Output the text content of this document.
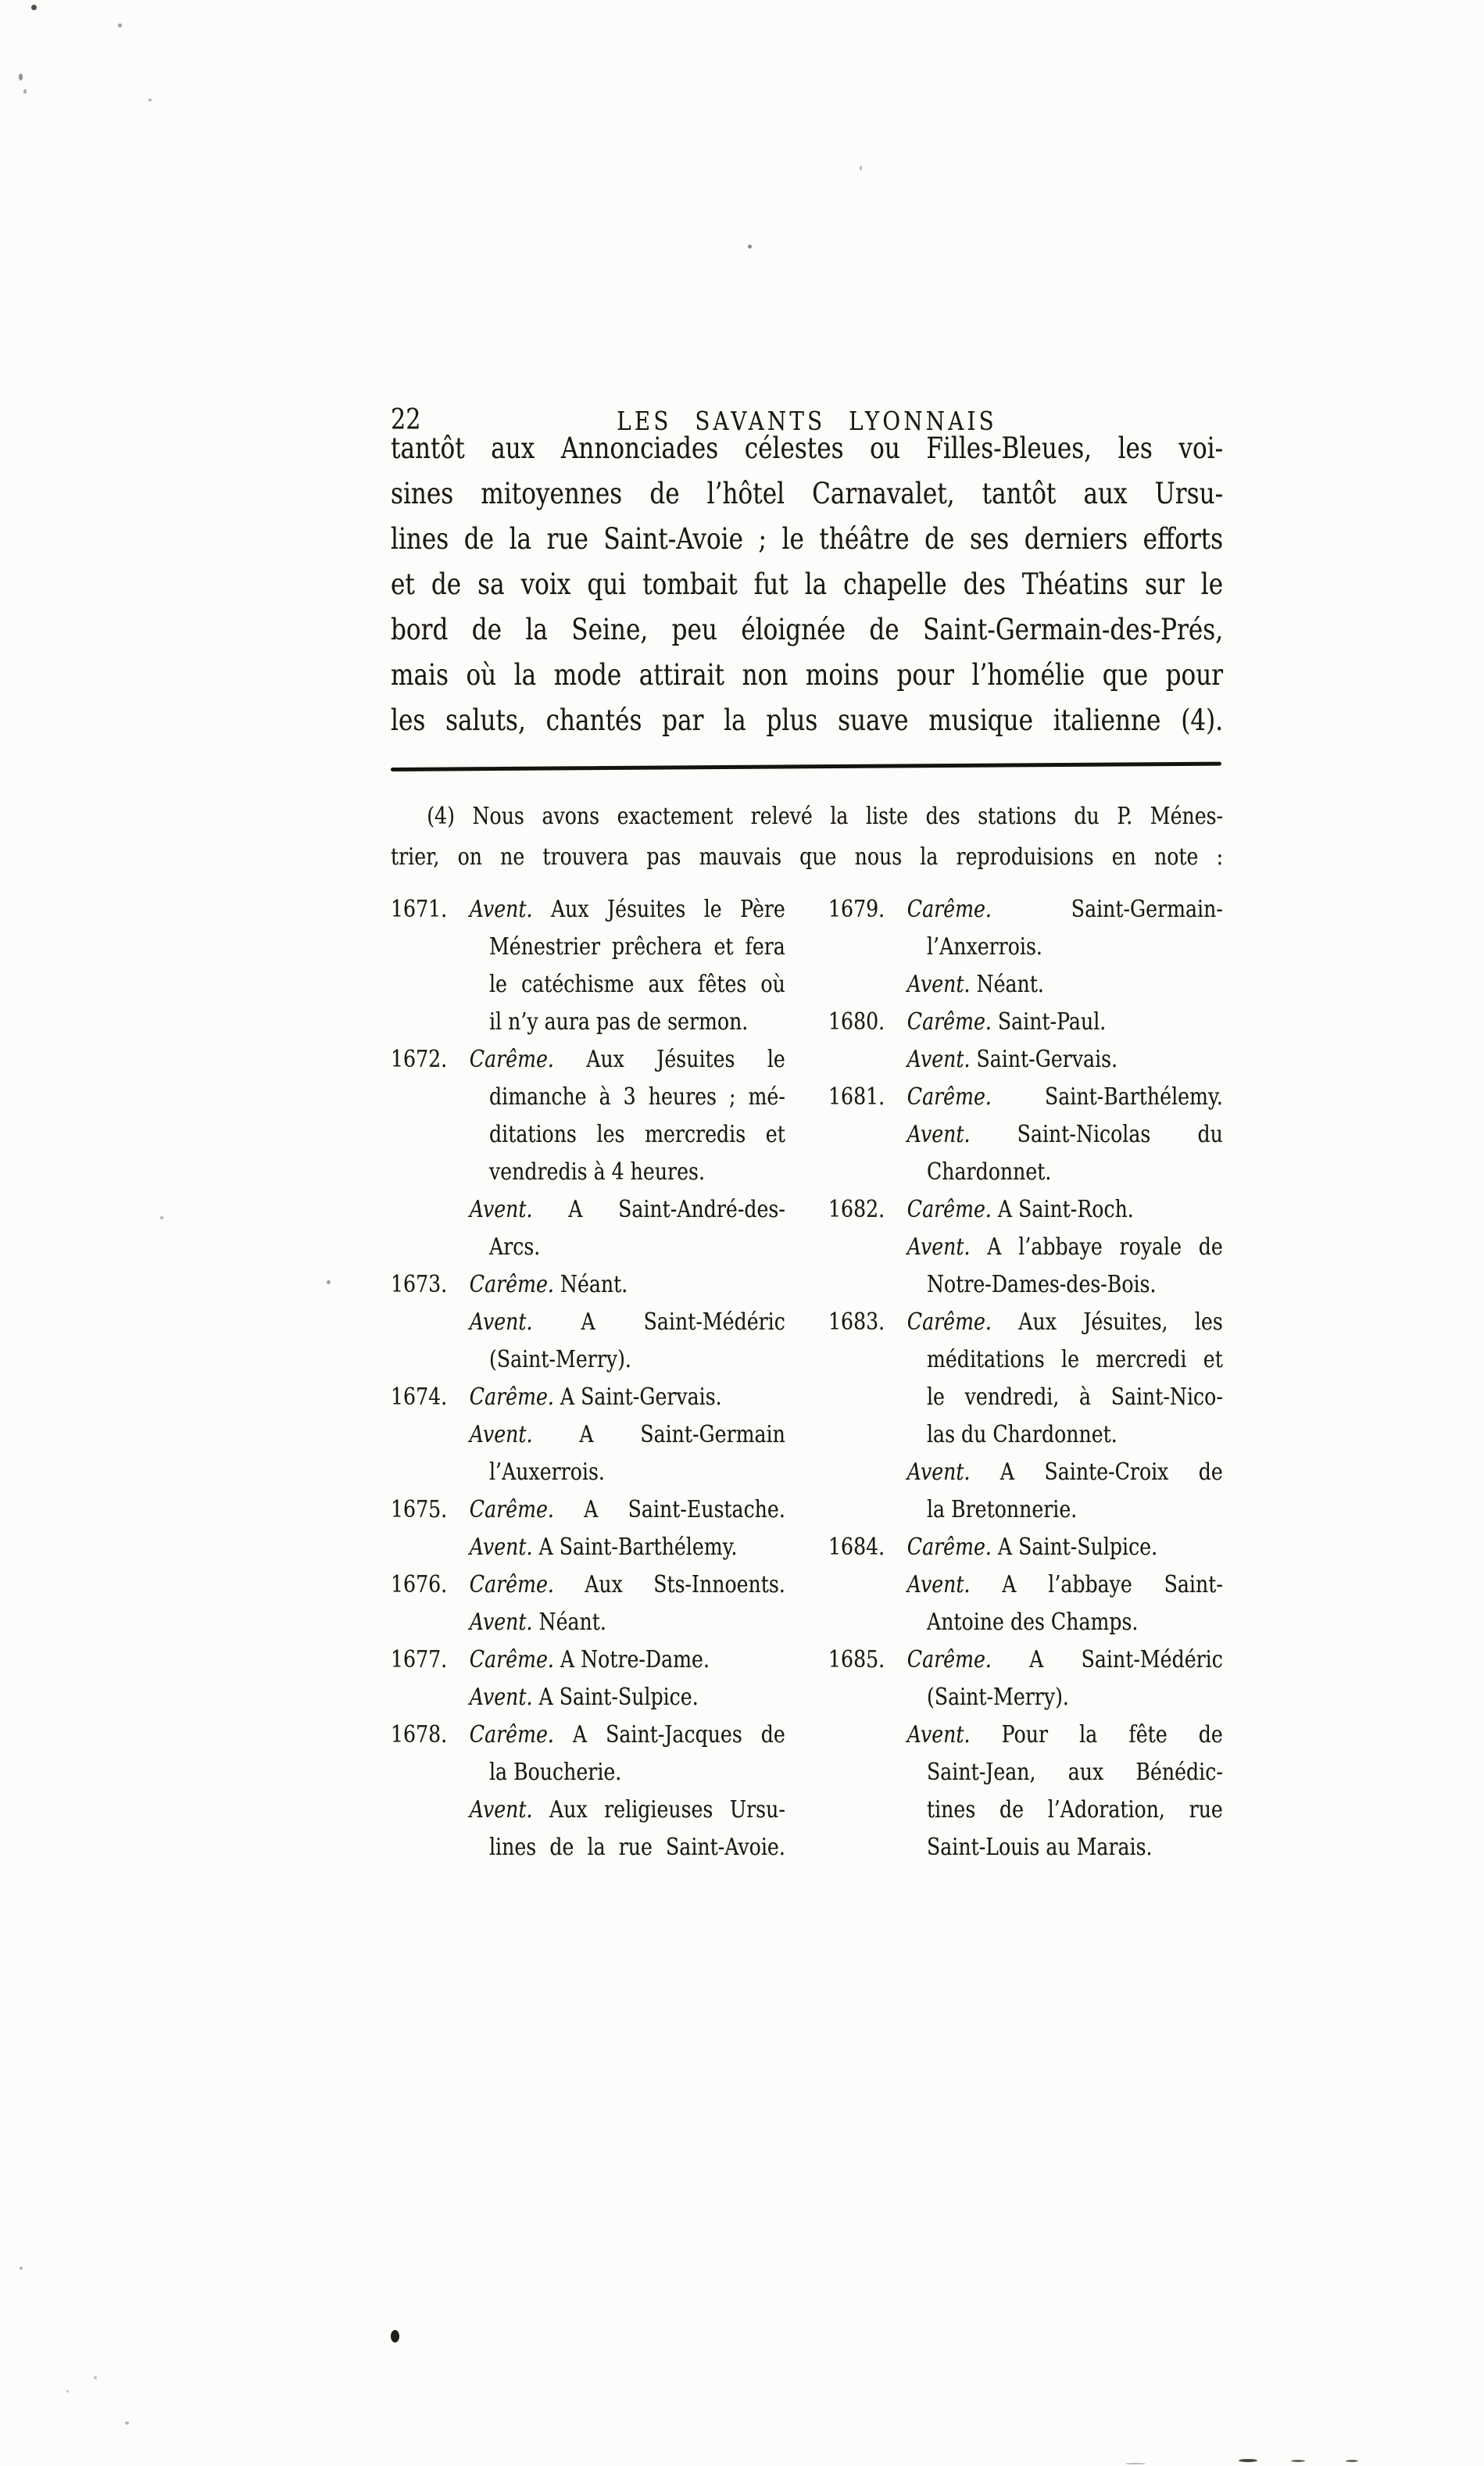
22	LES SAVANTS LYONNAIS
tantôt aux Annonciades célestes ou Filles-Bleues, les voi-
sines mitoyennes de l’hôtel Carnavalet, tantôt aux Ursu-
lines de la rue Saint-Avoie ; le théâtre de ses derniers efforts
et de sa voix qui tombait fut la chapelle des Théatins sur le
bord de la Seine, peu éloignée de Saint-Germain-des-Prés,
mais où la mode attirait non moins pour l’homélie que pour
les saluts, chantés par la plus suave musique italienne (4).
(4) Nous avons exactement relevé la liste des stations du P. Ménes-
trier, on ne trouvera pas mauvais que nous la reproduisions en note :
1671. Avent. Aux Jésuites le Père
Ménestrier prêchera et fera
le catéchisme aux fêtes où
il n’y aura pas de sermon.
1672. Carême. Aux Jésuites le
dimanche à 3 heures ; mé-
ditations les mercredis et
vendredis à 4 heures.
Avent. A Saint-André-des-
Arcs.
1673. Carême. Néant.
Avent. A Saint-Médéric
(Saint-Merry).
1674. Carême. A Saint-Gervais.
Avent. A Saint-Germain
l’Auxerrois.
1675. Carême. A Saint-Eustache.
Avent. A Saint-Barthélemy.
1676. Carême. Aux Sts-Innoents.
Avent. Néant.
1677. Carême. A Notre-Dame.
Avent. A Saint-Sulpice.
1678. Carême. A Saint-Jacques de
la Boucherie.
Avent. Aux religieuses Ursu-
lines de la rue Saint-Avoie.
1679. Carême. Saint-Germain-
l’Anxerrois.
Avent. Néant.
1680. Carême. Saint-Paul.
Avent. Saint-Gervais.
1681. Carême. Saint-Barthélemy.
Avent. Saint-Nicolas du
Chardonnet.
1682. Carême. A Saint-Roch.
Avent. A l’abbaye royale de
Notre-Dames-des-Bois.
1683. Carême. Aux Jésuites, les
méditations le mercredi et
le vendredi, à Saint-Nico-
las du Chardonnet.
Avent. A Sainte-Croix de
la Bretonnerie.
1684. Carême. A Saint-Sulpice.
Avent. A l’abbaye Saint-
Antoine des Champs.
1685. Carême. A Saint-Médéric
(Saint-Merry).
Avent. Pour la fête de
Saint-Jean, aux Bénédic-
tines de l’Adoration, rue
Saint-Louis au Marais.
